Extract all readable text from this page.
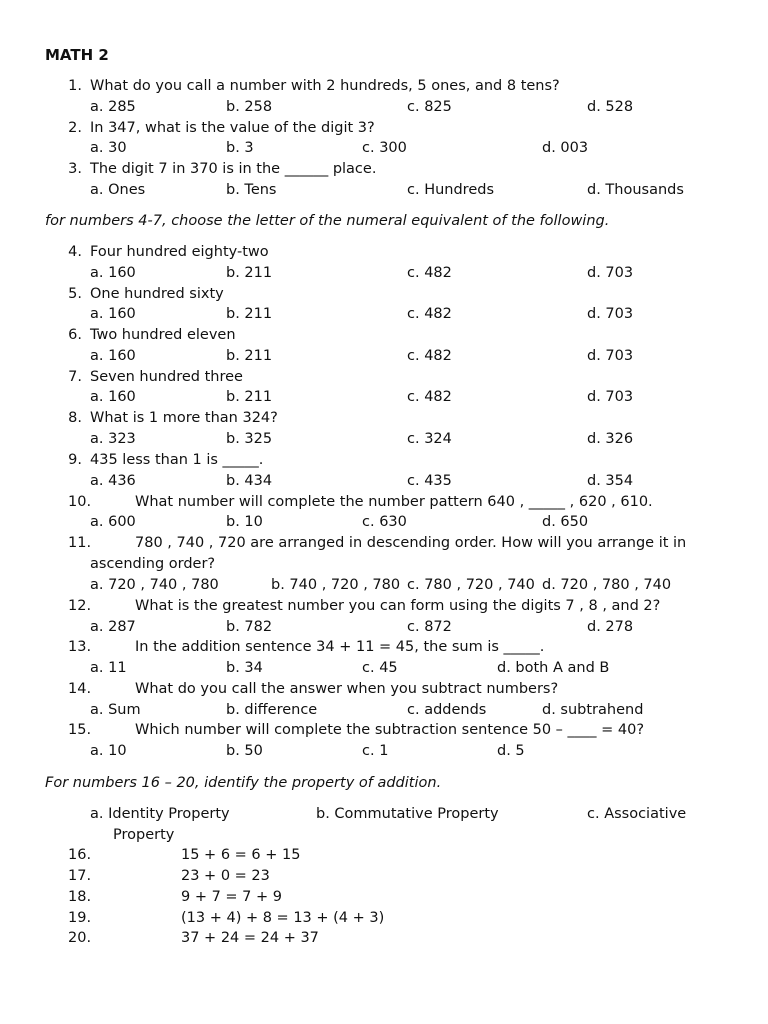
MATH 2
1. What do you call a number with 2 hundreds, 5 ones, and 8 tens?
a. 285	b. 258	c. 825	d. 528
2. In 347, what is the value of the digit 3?
a. 30	b. 3	c. 300	d. 003
3. The digit 7 in 370 is in the ______ place.
a. Ones	b. Tens	c. Hundreds	d. Thousands
for numbers 4-7, choose the letter of the numeral equivalent of the following.
4. Four hundred eighty-two
a. 160	b. 211	c. 482	d. 703
5. One hundred sixty
a. 160	b. 211	c. 482	d. 703
6. Two hundred eleven
a. 160	b. 211	c. 482	d. 703
7. Seven hundred three
a. 160	b. 211	c. 482	d. 703
8. What is 1 more than 324?
a. 323	b. 325	c. 324	d. 326
9. 435 less than 1 is _____.
a. 436	b. 434	c. 435	d. 354
10.	What number will complete the number pattern 640 , _____ , 620 , 610.
a. 600	b. 10	c. 630	d. 650
11.	780 , 740 , 720 are arranged in descending order. How will you arrange it in
ascending order?
a. 720 , 740 , 780	b. 740 , 720 , 780 c. 780 , 720 , 740 d. 720 , 780 , 740
12.	What is the greatest number you can form using the digits 7 , 8 , and 2?
a. 287	b. 782	c. 872	d. 278
13.	In the addition sentence 34 + 11 = 45, the sum is _____.
a. 11	b. 34	c. 45	d. both A and B
14.	What do you call the answer when you subtract numbers?
a. Sum	b. difference	c. addends	d. subtrahend
15.	Which number will complete the subtraction sentence 50 – ____ = 40?
a. 10	b. 50	c. 1	d. 5
For numbers 16 – 20, identify the property of addition.
a. Identity Property	b. Commutative Property	c. Associative
Property
16.	15 + 6 = 6 + 15
17.	23 + 0 = 23
18.	9 + 7 = 7 + 9
19.	(13 + 4) + 8 = 13 + (4 + 3)
20.	37 + 24 = 24 + 37
